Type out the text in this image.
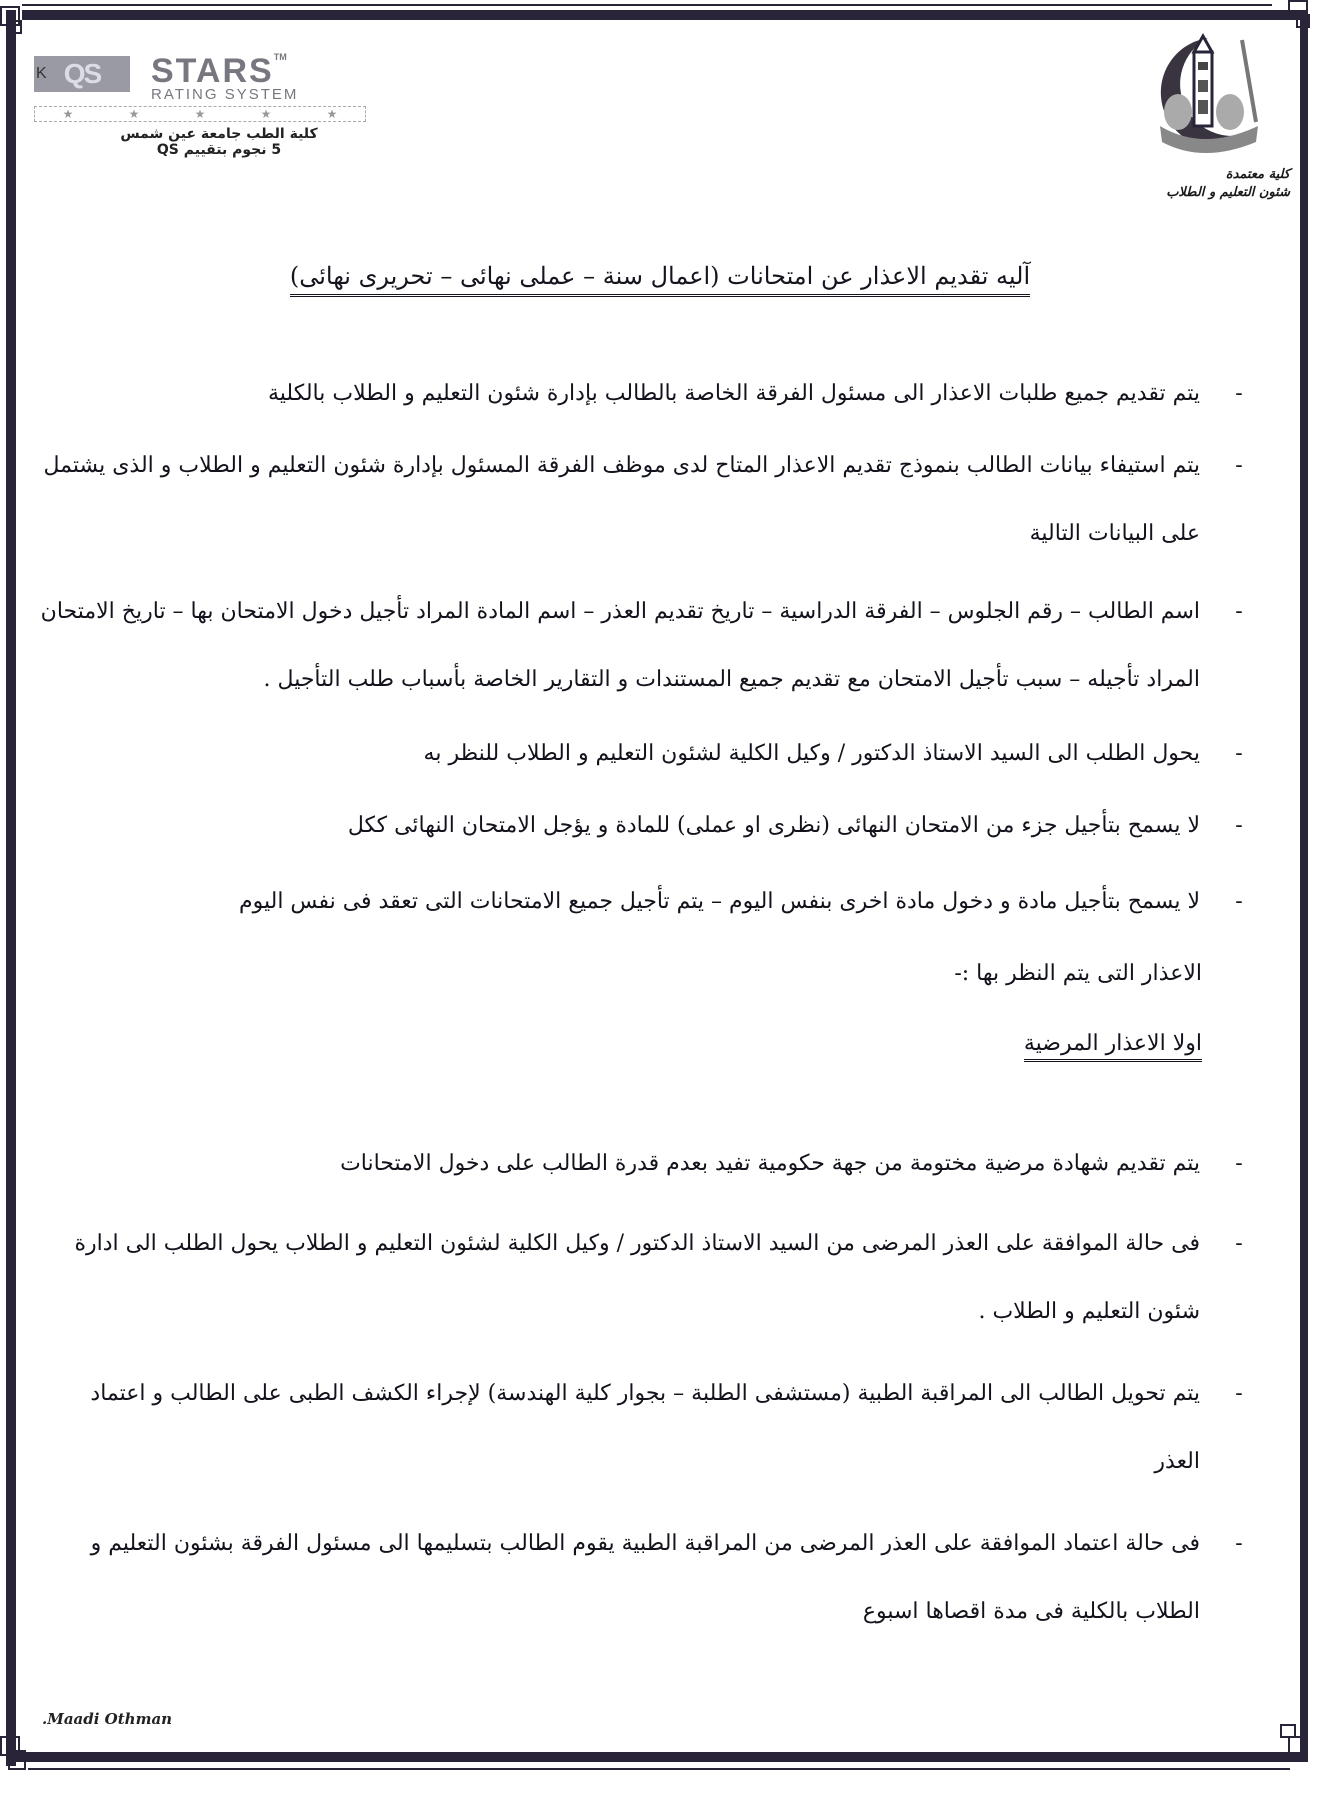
K QS	STARS™
RATING SYSTEM
★	★	★	★	★
كلية الطب جامعة عين شمس
5 نجوم بتقييم QS
كلية معتمدة
شئون التعليم و الطلاب
آليه تقديم الاعذار عن امتحانات (اعمال سنة – عملى نهائى – تحريرى نهائى)
-
يتم تقديم جميع طلبات الاعذار الى مسئول الفرقة الخاصة بالطالب بإدارة شئون التعليم و الطلاب بالكلية
-
يتم استيفاء بيانات الطالب بنموذج تقديم الاعذار المتاح لدى موظف الفرقة المسئول بإدارة شئون التعليم و الطلاب و الذى يشتمل على البيانات التالية
-
اسم الطالب – رقم الجلوس – الفرقة الدراسية – تاريخ تقديم العذر – اسم المادة المراد تأجيل دخول الامتحان بها – تاريخ الامتحان المراد تأجيله – سبب تأجيل الامتحان مع تقديم جميع المستندات و التقارير الخاصة بأسباب طلب التأجيل .
-
يحول الطلب الى السيد الاستاذ الدكتور / وكيل الكلية لشئون التعليم و الطلاب للنظر به
-
لا يسمح بتأجيل جزء من الامتحان النهائى (نظرى او عملى) للمادة و يؤجل الامتحان النهائى ككل
-
لا يسمح بتأجيل مادة و دخول مادة اخرى بنفس اليوم – يتم تأجيل جميع الامتحانات التى تعقد فى نفس اليوم
الاعذار التى يتم النظر بها :-
اولا الاعذار المرضية
-
يتم تقديم شهادة مرضية مختومة من جهة حكومية تفيد بعدم قدرة الطالب على دخول الامتحانات
-
فى حالة الموافقة على العذر المرضى من السيد الاستاذ الدكتور / وكيل الكلية لشئون التعليم و الطلاب يحول الطلب الى ادارة شئون التعليم و الطلاب .
-
يتم تحويل الطالب الى المراقبة الطبية (مستشفى الطلبة – بجوار كلية الهندسة) لإجراء الكشف الطبى على الطالب و اعتماد العذر
-
فى حالة اعتماد الموافقة على العذر المرضى من المراقبة الطبية يقوم الطالب بتسليمها الى مسئول الفرقة بشئون التعليم و الطلاب بالكلية فى مدة اقصاها اسبوع
.Maadi Othman
